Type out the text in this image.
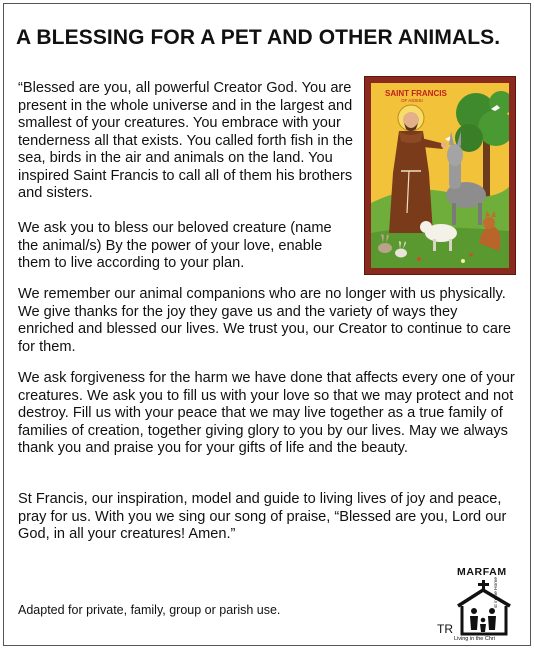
A BLESSING FOR A PET AND OTHER ANIMALS.

“Blessed are you, all powerful Creator God. You are present in the whole universe and in the largest and smallest of your creatures. You embrace with your tenderness all that exists. You called forth fish in the sea, birds in the air and animals on the land. You inspired Saint Francis to call all of them his brothers and sisters.

We ask you to bless our beloved creature (name the animal/s) By the power of your love, enable them to live according to your plan.

We remember our animal companions who are no longer with us physically. We give thanks for the joy they gave us and the variety of ways they enriched and blessed our lives. We trust you, our Creator to continue to care for them.

We ask forgiveness for the harm we have done that affects every one of your creatures. We ask you to fill us with your love so that we may protect and not destroy. Fill us with your peace that we may live together as a true family of families of creation, together giving glory to you by our lives. May we always thank you and praise you for your gifts of life and the beauty.

St Francis, our inspiration, model and guide to living lives of joy and peace, pray for us. With you we sing our song of praise, “Blessed are you, Lord our God, in all your creatures! Amen.”

SAINT FRANCIS
OF ASSISI
Adapted for private, family, group or parish use.
TR
MARFAM
st in the Home
Living in the Chri
